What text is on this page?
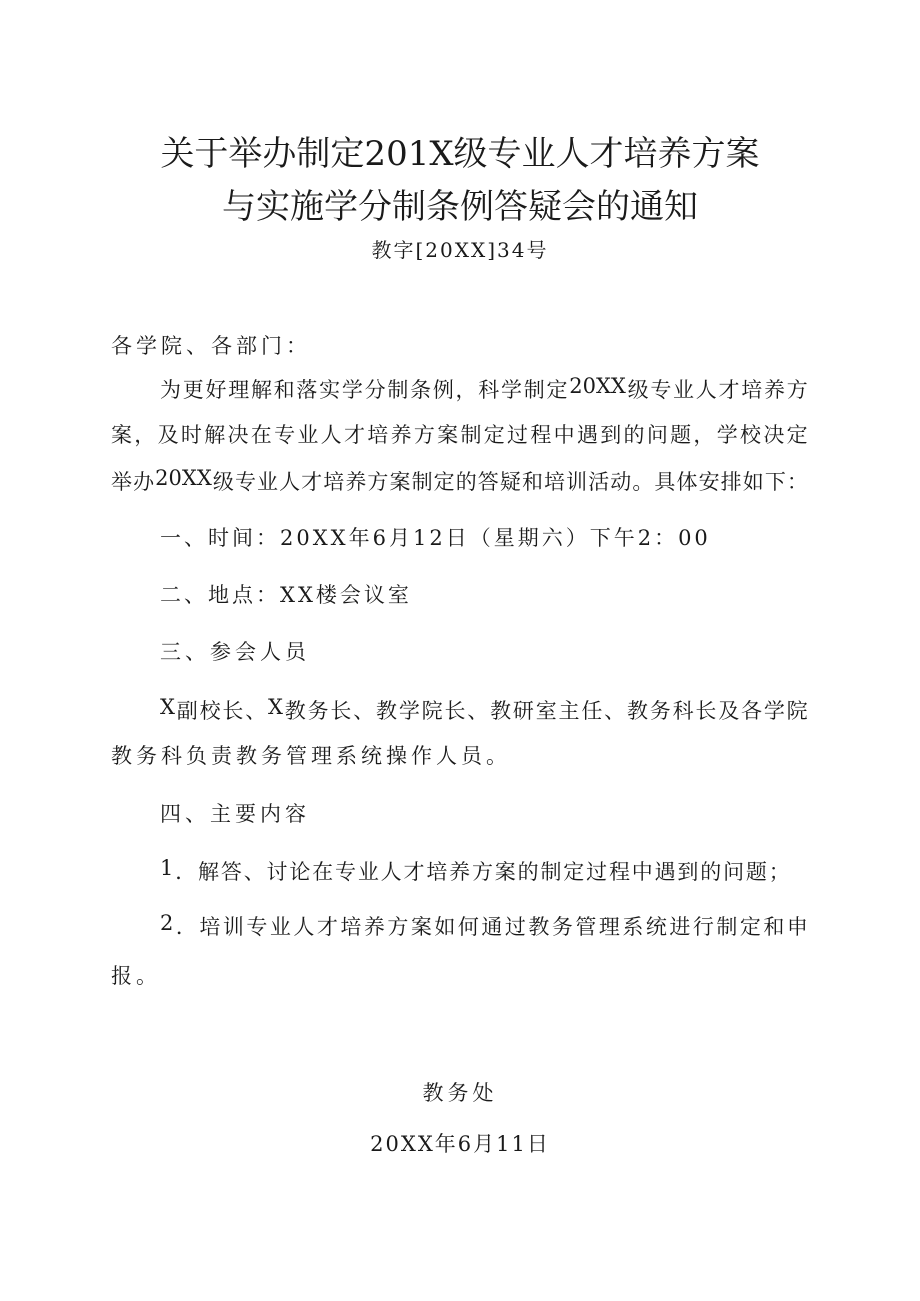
关于举办制定201X级专业人才培养方案
与实施学分制条例答疑会的通知
教字[20XX]34号
各学院、各部门：
为 更 好 理 解 和 落 实 学 分 制 条 例 ， 科 学 制 定 20XX 级 专 业 人 才 培 养 方
案 ， 及 时 解 决 在 专 业 人 才 培 养 方 案 制 定 过 程 中 遇 到 的 问 题 ， 学 校 决 定
举 办 20XX 级 专 业 人 才 培 养 方 案 制 定 的 答 疑 和 培 训 活 动 。 具 体 安 排 如 下 ：
一、时间：20XX年6月12日（星期六）下午2：00
二、地点：XX楼会议室
三、参会人员
X 副 校 长 、 X 教 务 长 、 教 学 院 长 、 教 研 室 主 任 、 教 务 科 长 及 各 学 院
教务科负责教务管理系统操作人员。
四、主要内容
1 ． 解 答 、 讨 论 在 专 业 人 才 培 养 方 案 的 制 定 过 程 中 遇 到 的 问 题 ；
2 ． 培 训 专 业 人 才 培 养 方 案 如 何 通 过 教 务 管 理 系 统 进 行 制 定 和 申
报。
教务处
20XX年6月11日
